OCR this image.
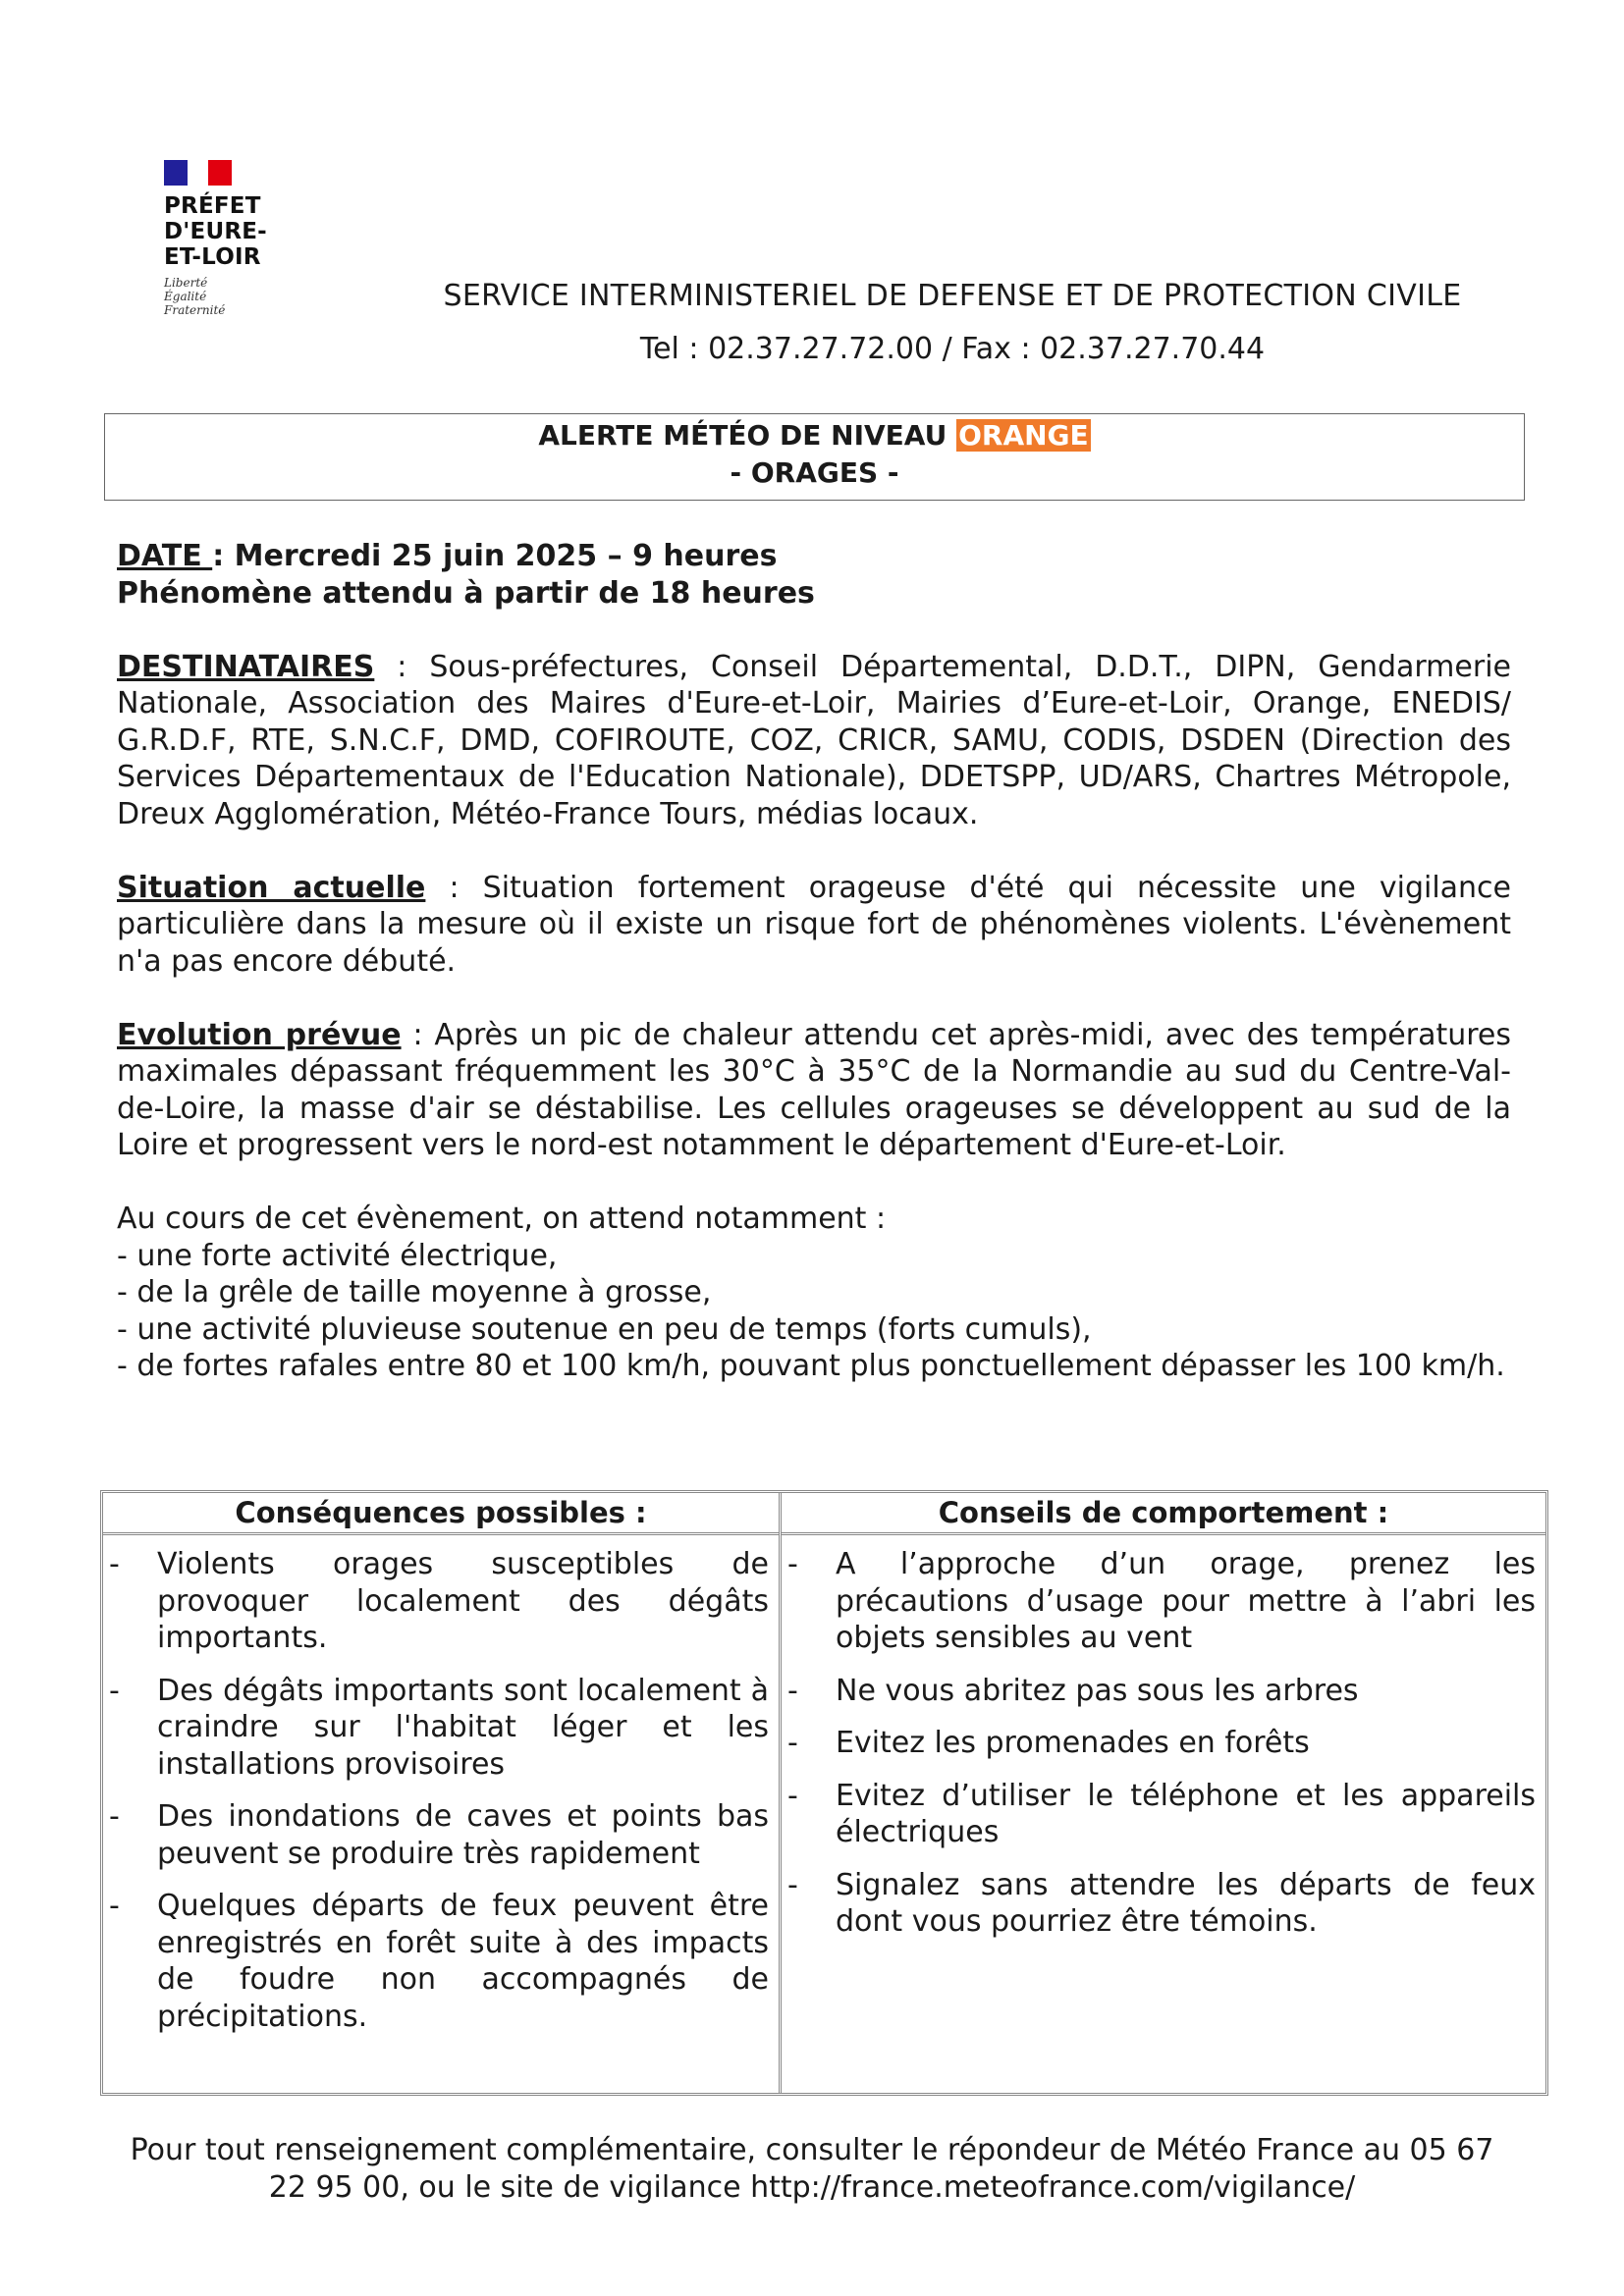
PRÉFET
D'EURE-
ET-LOIR
Liberté
Égalité
Fraternité	SERVICE INTERMINISTERIEL DE DEFENSE ET DE PROTECTION CIVILE
Tel : 02.37.27.72.00 / Fax : 02.37.27.70.44
ALERTE MÉTÉO DE NIVEAU ORANGE
- ORAGES -

DATE : Mercredi 25 juin 2025 – 9 heures

Phénomène attendu à partir de 18 heures

DESTINATAIRES : Sous-préfectures, Conseil Départemental, D.D.T., DIPN, Gendarmerie Nationale, Association des Maires d'Eure-et-Loir, Mairies d’Eure-et-Loir, Orange, ENEDIS/ G.R.D.F, RTE, S.N.C.F, DMD, COFIROUTE, COZ, CRICR, SAMU, CODIS, DSDEN (Direction des Services Départementaux de l'Education Nationale), DDETSPP, UD/ARS, Chartres Métropole, Dreux Agglomération, Météo-France Tours, médias locaux.

Situation actuelle : Situation fortement orageuse d'été qui nécessite une vigilance particulière dans la mesure où il existe un risque fort de phénomènes violents. L'évènement n'a pas encore débuté.

Evolution prévue : Après un pic de chaleur attendu cet après-midi, avec des températures maximales dépassant fréquemment les 30°C à 35°C de la Normandie au sud du Centre-Val-de-Loire, la masse d'air se déstabilise. Les cellules orageuses se développent au sud de la Loire et progressent vers le nord-est notamment le département d'Eure-et-Loir.

Au cours de cet évènement, on attend notamment :

- une forte activité électrique,

- de la grêle de taille moyenne à grosse,

- une activité pluvieuse soutenue en peu de temps (forts cumuls),

- de fortes rafales entre 80 et 100 km/h, pouvant plus ponctuellement dépasser les 100 km/h.

Conséquences possibles :
-	Violents orages susceptibles de provoquer localement des dégâts importants.
-	Des dégâts importants sont localement à craindre sur l'habitat léger et les installations provisoires
-	Des inondations de caves et points bas peuvent se produire très rapidement
-	Quelques départs de feux peuvent être enregistrés en forêt suite à des impacts de foudre non accompagnés de précipitations.
Conseils de comportement :
-	A l’approche d’un orage, prenez les précautions d’usage pour mettre à l’abri les objets sensibles au vent
-	Ne vous abritez pas sous les arbres
-	Evitez les promenades en forêts
-	Evitez d’utiliser le téléphone et les appareils électriques
-	Signalez sans attendre les départs de feux dont vous pourriez être témoins.
Pour tout renseignement complémentaire, consulter le répondeur de Météo France au 05 67 22 95 00, ou le site de vigilance http://france.meteofrance.com/vigilance/
